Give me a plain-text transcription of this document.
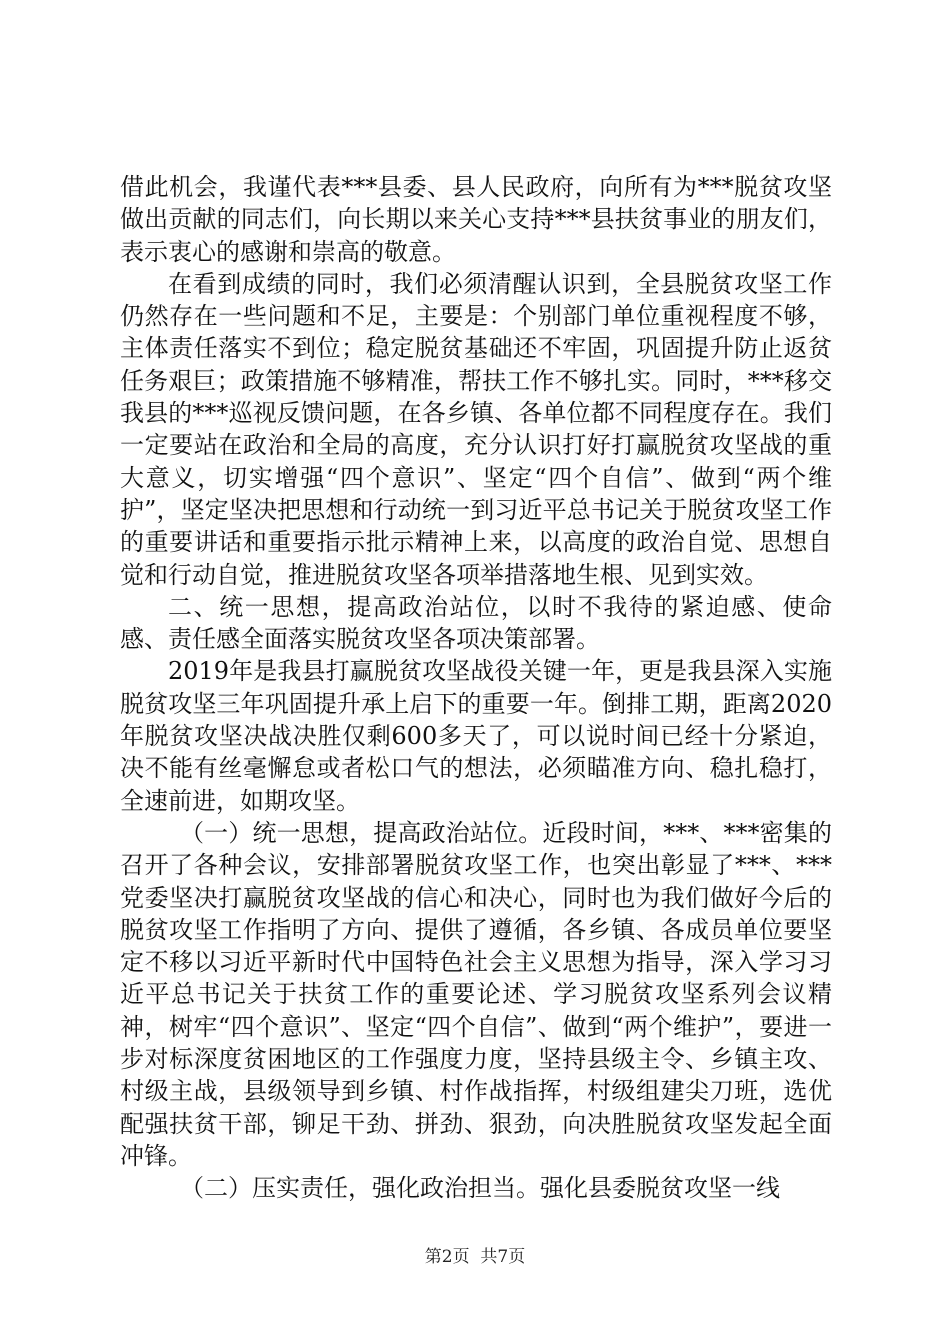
借此机会，我谨代表***县委、县人民政府，向所有为***脱贫攻坚做出贡献的同志们，向长期以来关心支持***县扶贫事业的朋友们，表示衷心的感谢和崇高的敬意。

在看到成绩的同时，我们必须清醒认识到，全县脱贫攻坚工作仍然存在一些问题和不足，主要是：个别部门单位重视程度不够，主体责任落实不到位；稳定脱贫基础还不牢固，巩固提升防止返贫任务艰巨；政策措施不够精准，帮扶工作不够扎实。同时，***移交我县的***巡视反馈问题，在各乡镇、各单位都不同程度存在。我们一定要站在政治和全局的高度，充分认识打好打赢脱贫攻坚战的重大意义，切实增强“四个意识”、坚定“四个自信”、做到“两个维护”，坚定坚决把思想和行动统一到习近平总书记关于脱贫攻坚工作的重要讲话和重要指示批示精神上来，以高度的政治自觉、思想自觉和行动自觉，推进脱贫攻坚各项举措落地生根、见到实效。

二、统一思想，提高政治站位，以时不我待的紧迫感、使命感、责任感全面落实脱贫攻坚各项决策部署。

2019年是我县打赢脱贫攻坚战役关键一年，更是我县深入实施脱贫攻坚三年巩固提升承上启下的重要一年。倒排工期，距离2020年脱贫攻坚决战决胜仅剩600多天了，可以说时间已经十分紧迫，决不能有丝毫懈怠或者松口气的想法，必须瞄准方向、稳扎稳打，全速前进，如期攻坚。

（一）统一思想，提高政治站位。近段时间，***、***密集的召开了各种会议，安排部署脱贫攻坚工作，也突出彰显了***、***党委坚决打赢脱贫攻坚战的信心和决心，同时也为我们做好今后的脱贫攻坚工作指明了方向、提供了遵循，各乡镇、各成员单位要坚定不移以习近平新时代中国特色社会主义思想为指导，深入学习习近平总书记关于扶贫工作的重要论述、学习脱贫攻坚系列会议精神，树牢“四个意识”、坚定“四个自信”、做到“两个维护”，要进一步对标深度贫困地区的工作强度力度，坚持县级主令、乡镇主攻、村级主战，县级领导到乡镇、村作战指挥，村级组建尖刀班，选优配强扶贫干部，铆足干劲、拼劲、狠劲，向决胜脱贫攻坚发起全面冲锋。

（二）压实责任，强化政治担当。强化县委脱贫攻坚一线

第2页  共7页
